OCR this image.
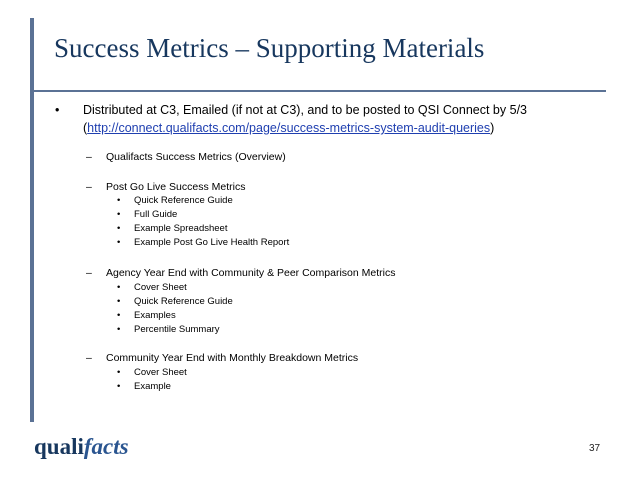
Success Metrics – Supporting Materials
• Distributed at C3, Emailed (if not at C3), and to be posted to QSI Connect by 5/3
(http://connect.qualifacts.com/page/success-metrics-system-audit-queries)
– Qualifacts Success Metrics (Overview)
– Post Go Live Success Metrics
• Quick Reference Guide
• Full Guide
• Example Spreadsheet
• Example Post Go Live Health Report
– Agency Year End with Community & Peer Comparison Metrics
• Cover Sheet
• Quick Reference Guide
• Examples
• Percentile Summary
– Community Year End with Monthly Breakdown Metrics
• Cover Sheet
• Example
qualifacts	37
